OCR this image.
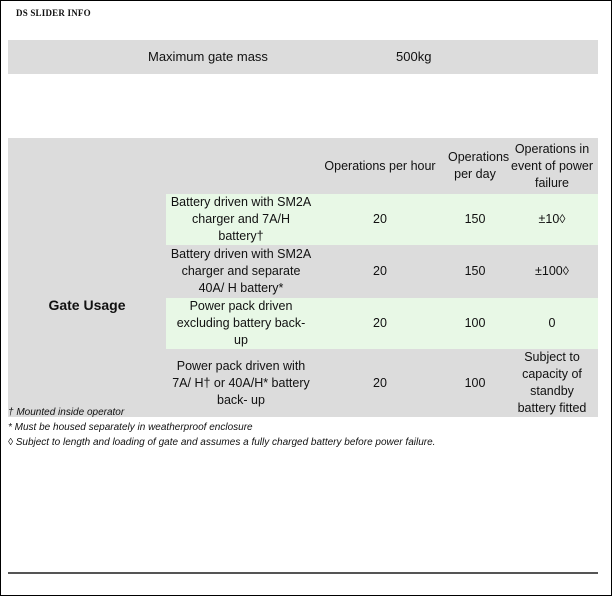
DS SLIDER INFO
Maximum gate mass	500kg
		Operations per hour	Operations per day	Operations in event of power failure
Gate Usage	Battery driven with SM2A charger and 7A/H battery†	20	150	±10◊
	Battery driven with SM2A charger and separate 40A/ H battery*	20	150	±100◊
	Power pack driven excluding battery back-up	20	100	0
	Power pack driven with 7A/ H† or 40A/H* battery back- up	20	100	Subject to capacity of standby battery fitted
† Mounted inside operator
* Must be housed separately in weatherproof enclosure
◊ Subject to length and loading of gate and assumes a fully charged battery before power failure.
